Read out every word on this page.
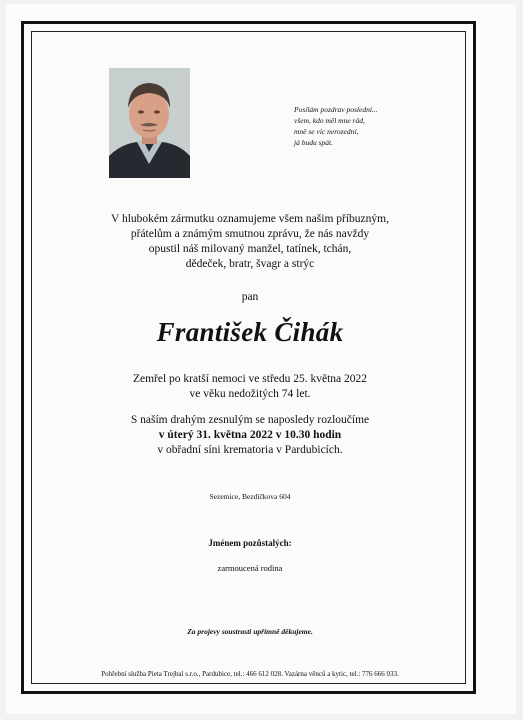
Posílám pozdrav poslední...
všem, kdo měl mne rád,
mně se víc nerozední,
já budu spát.
V hlubokém zármutku oznamujeme všem našim příbuzným,
přátelům a známým smutnou zprávu, že nás navždy
opustil náš milovaný manžel, tatínek, tchán,
dědeček, bratr, švagr a strýc
pan
František Čihák
Zemřel po kratší nemoci ve středu 25. května 2022
ve věku nedožitých 74 let.
S naším drahým zesnulým se naposledy rozloučíme
v úterý 31. května 2022 v 10.30 hodin
v obřadní síni krematoria v Pardubicích.
Sezemice, Bezdíčkova 604
Jménem pozůstalých:
zarmoucená rodina
Za projevy soustrasti upřímně děkujeme.
Pohřební služba Pieta Trejbal s.r.o., Pardubice, tel.: 466 612 028. Vazárna věnců a kytic, tel.: 776 666 033.
